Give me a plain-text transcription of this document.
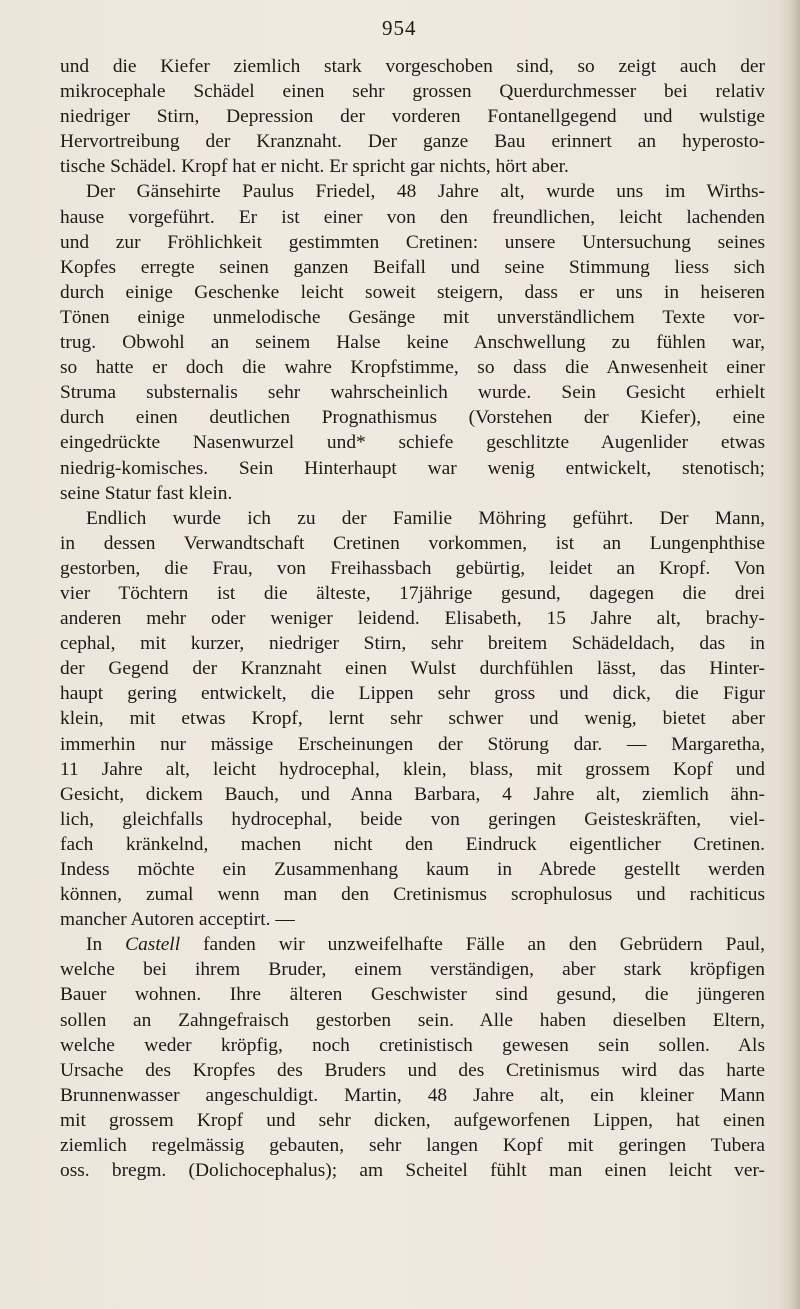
954
und die Kiefer ziemlich stark vorgeschoben sind, so zeigt auch der
mikrocephale Schädel einen sehr grossen Querdurchmesser bei relativ
niedriger Stirn, Depression der vorderen Fontanellgegend und wulstige
Hervortreibung der Kranznaht. Der ganze Bau erinnert an hyperosto-
tische Schädel. Kropf hat er nicht. Er spricht gar nichts, hört aber.
Der Gänsehirte Paulus Friedel, 48 Jahre alt, wurde uns im Wirths-
hause vorgeführt. Er ist einer von den freundlichen, leicht lachenden
und zur Fröhlichkeit gestimmten Cretinen: unsere Untersuchung seines
Kopfes erregte seinen ganzen Beifall und seine Stimmung liess sich
durch einige Geschenke leicht soweit steigern, dass er uns in heiseren
Tönen einige unmelodische Gesänge mit unverständlichem Texte vor-
trug. Obwohl an seinem Halse keine Anschwellung zu fühlen war,
so hatte er doch die wahre Kropfstimme, so dass die Anwesenheit einer
Struma substernalis sehr wahrscheinlich wurde. Sein Gesicht erhielt
durch einen deutlichen Prognathismus (Vorstehen der Kiefer), eine
eingedrückte Nasenwurzel und* schiefe geschlitzte Augenlider etwas
niedrig-komisches. Sein Hinterhaupt war wenig entwickelt, stenotisch;
seine Statur fast klein.
Endlich wurde ich zu der Familie Möhring geführt. Der Mann,
in dessen Verwandtschaft Cretinen vorkommen, ist an Lungenphthise
gestorben, die Frau, von Freihassbach gebürtig, leidet an Kropf. Von
vier Töchtern ist die älteste, 17jährige gesund, dagegen die drei
anderen mehr oder weniger leidend. Elisabeth, 15 Jahre alt, brachy-
cephal, mit kurzer, niedriger Stirn, sehr breitem Schädeldach, das in
der Gegend der Kranznaht einen Wulst durchfühlen lässt, das Hinter-
haupt gering entwickelt, die Lippen sehr gross und dick, die Figur
klein, mit etwas Kropf, lernt sehr schwer und wenig, bietet aber
immerhin nur mässige Erscheinungen der Störung dar. — Margaretha,
11 Jahre alt, leicht hydrocephal, klein, blass, mit grossem Kopf und
Gesicht, dickem Bauch, und Anna Barbara, 4 Jahre alt, ziemlich ähn-
lich, gleichfalls hydrocephal, beide von geringen Geisteskräften, viel-
fach kränkelnd, machen nicht den Eindruck eigentlicher Cretinen.
Indess möchte ein Zusammenhang kaum in Abrede gestellt werden
können, zumal wenn man den Cretinismus scrophulosus und rachiticus
mancher Autoren acceptirt. —
In Castell fanden wir unzweifelhafte Fälle an den Gebrüdern Paul,
welche bei ihrem Bruder, einem verständigen, aber stark kröpfigen
Bauer wohnen. Ihre älteren Geschwister sind gesund, die jüngeren
sollen an Zahngefraisch gestorben sein. Alle haben dieselben Eltern,
welche weder kröpfig, noch cretinistisch gewesen sein sollen. Als
Ursache des Kropfes des Bruders und des Cretinismus wird das harte
Brunnenwasser angeschuldigt. Martin, 48 Jahre alt, ein kleiner Mann
mit grossem Kropf und sehr dicken, aufgeworfenen Lippen, hat einen
ziemlich regelmässig gebauten, sehr langen Kopf mit geringen Tubera
oss. bregm. (Dolichocephalus); am Scheitel fühlt man einen leicht ver-
